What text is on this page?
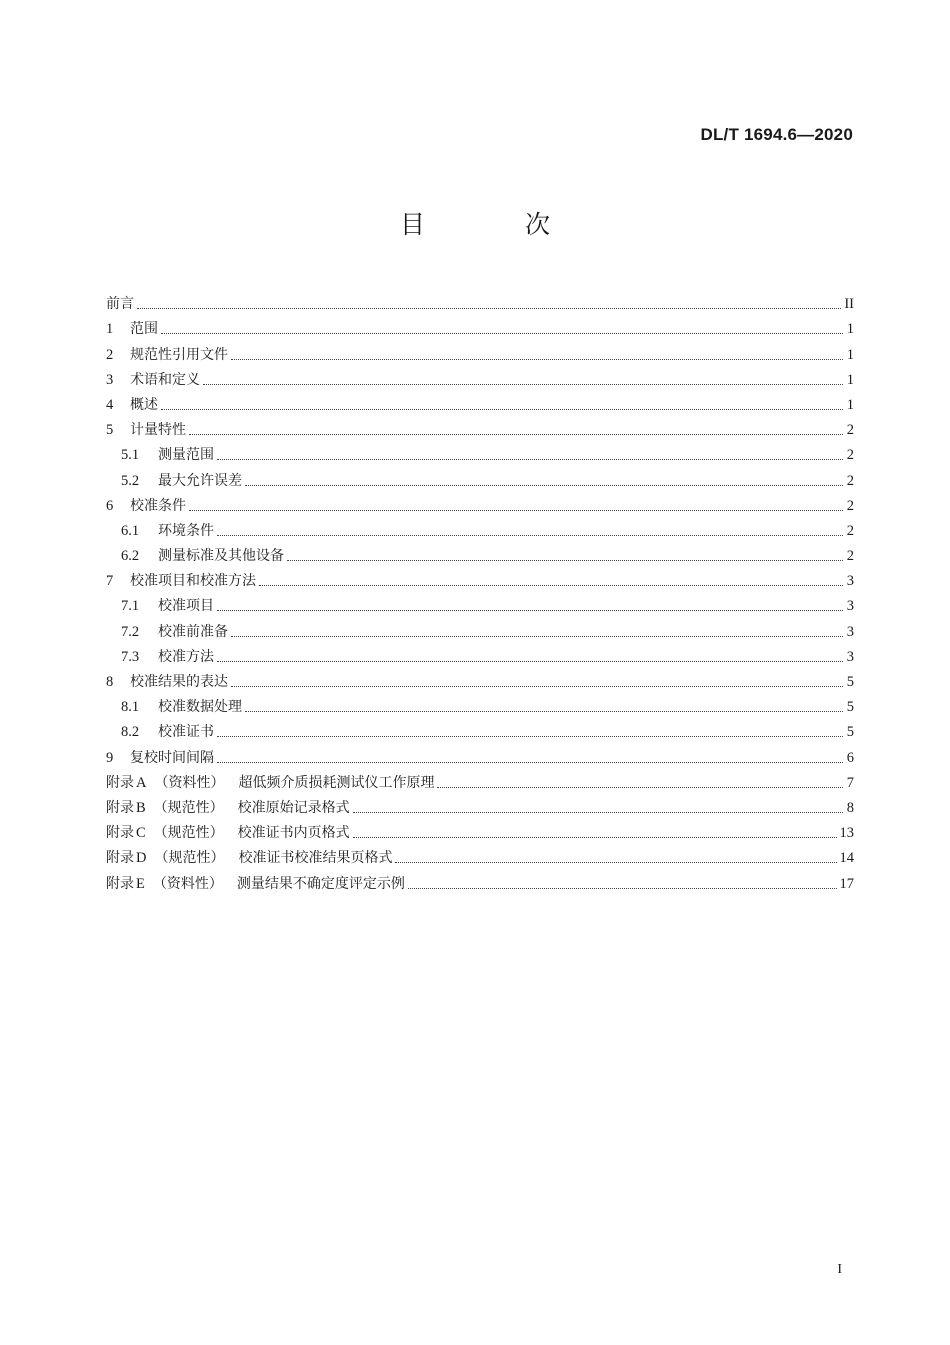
DL/T 1694.6—2020
目 次
前言	II
1	范围	1
2	规范性引用文件	1
3	术语和定义	1
4	概述	1
5	计量特性	2
5.1	测量范围	2
5.2	最大允许误差	2
6	校准条件	2
6.1	环境条件	2
6.2	测量标准及其他设备	2
7	校准项目和校准方法	3
7.1	校准项目	3
7.2	校准前准备	3
7.3	校准方法	3
8	校准结果的表达	5
8.1	校准数据处理	5
8.2	校准证书	5
9	复校时间间隔	6
附录 A （资料性） 超低频介质损耗测试仪工作原理	7
附录 B （规范性） 校准原始记录格式	8
附录 C （规范性） 校准证书内页格式	13
附录 D （规范性） 校准证书校准结果页格式	14
附录 E （资料性） 测量结果不确定度评定示例	17
I
